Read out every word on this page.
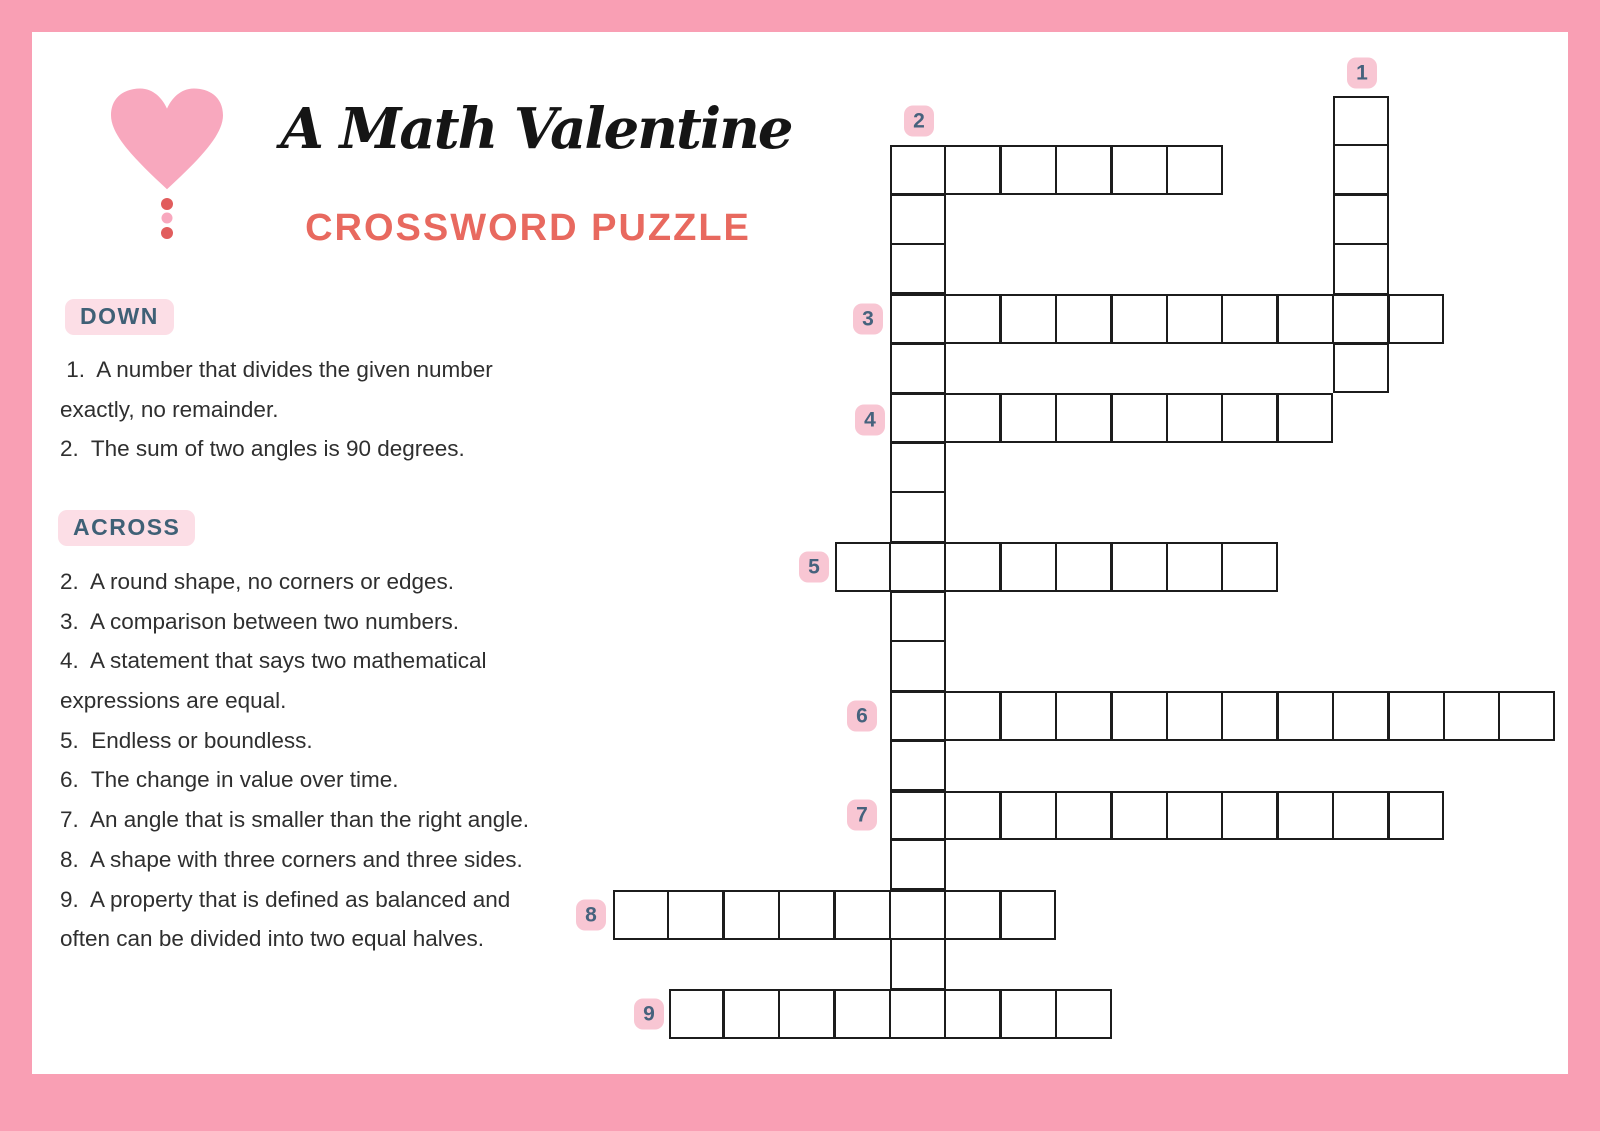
A Math Valentine
CROSSWORD PUZZLE
DOWN
ACROSS
1.  A number that divides the given number
exactly, no remainder.
2.  The sum of two angles is 90 degrees.
2.  A round shape, no corners or edges.
3.  A comparison between two numbers.
4.  A statement that says two mathematical
expressions are equal.
5.  Endless or boundless.
6.  The change in value over time.
7.  An angle that is smaller than the right angle.
8.  A shape with three corners and three sides.
9.  A property that is defined as balanced and
often can be divided into two equal halves.
1
2
3
4
5
6
7
8
9
